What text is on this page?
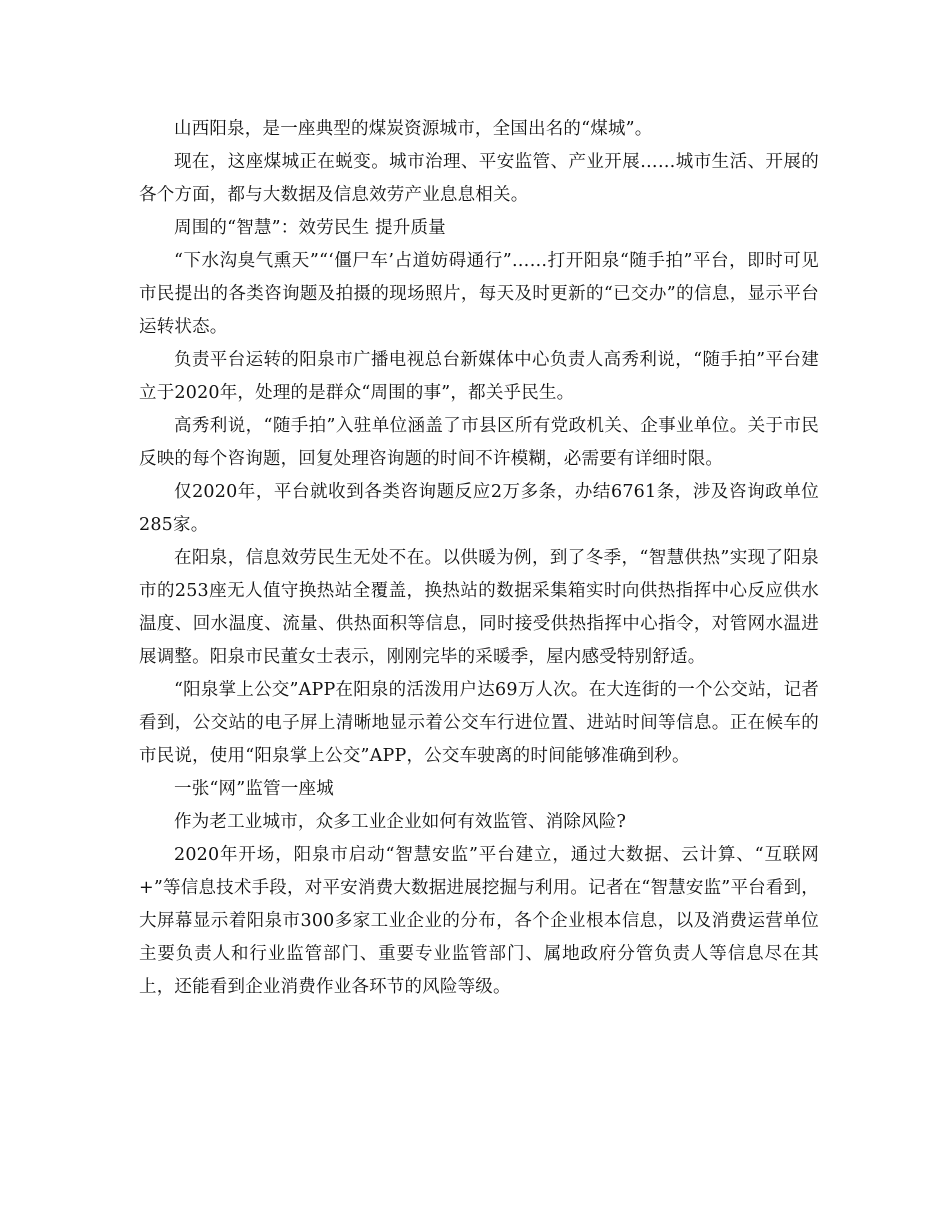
山西阳泉，是一座典型的煤炭资源城市，全国出名的“煤城”。

现在，这座煤城正在蜕变。城市治理、平安监管、产业开展……城市生活、开展的各个方面，都与大数据及信息效劳产业息息相关。

周围的“智慧”：效劳民生 提升质量

“下水沟臭气熏天”“‘僵尸车’占道妨碍通行”……打开阳泉“随手拍”平台，即时可见市民提出的各类咨询题及拍摄的现场照片，每天及时更新的“已交办”的信息，显示平台运转状态。

负责平台运转的阳泉市广播电视总台新媒体中心负责人高秀利说，“随手拍”平台建立于2020年，处理的是群众“周围的事”，都关乎民生。

高秀利说，“随手拍”入驻单位涵盖了市县区所有党政机关、企事业单位。关于市民反映的每个咨询题，回复处理咨询题的时间不许模糊，必需要有详细时限。

仅2020年，平台就收到各类咨询题反应2万多条，办结6761条，涉及咨询政单位285家。

在阳泉，信息效劳民生无处不在。以供暖为例，到了冬季，“智慧供热”实现了阳泉市的253座无人值守换热站全覆盖，换热站的数据采集箱实时向供热指挥中心反应供水温度、回水温度、流量、供热面积等信息，同时接受供热指挥中心指令，对管网水温进展调整。阳泉市民董女士表示，刚刚完毕的采暖季，屋内感受特别舒适。

“阳泉掌上公交”APP在阳泉的活泼用户达69万人次。在大连街的一个公交站，记者看到，公交站的电子屏上清晰地显示着公交车行进位置、进站时间等信息。正在候车的市民说，使用“阳泉掌上公交”APP，公交车驶离的时间能够准确到秒。

一张“网”监管一座城

作为老工业城市，众多工业企业如何有效监管、消除风险?

2020年开场，阳泉市启动“智慧安监”平台建立，通过大数据、云计算、“互联网+”等信息技术手段，对平安消费大数据进展挖掘与利用。记者在“智慧安监”平台看到，大屏幕显示着阳泉市300多家工业企业的分布，各个企业根本信息，以及消费运营单位主要负责人和行业监管部门、重要专业监管部门、属地政府分管负责人等信息尽在其上，还能看到企业消费作业各环节的风险等级。
